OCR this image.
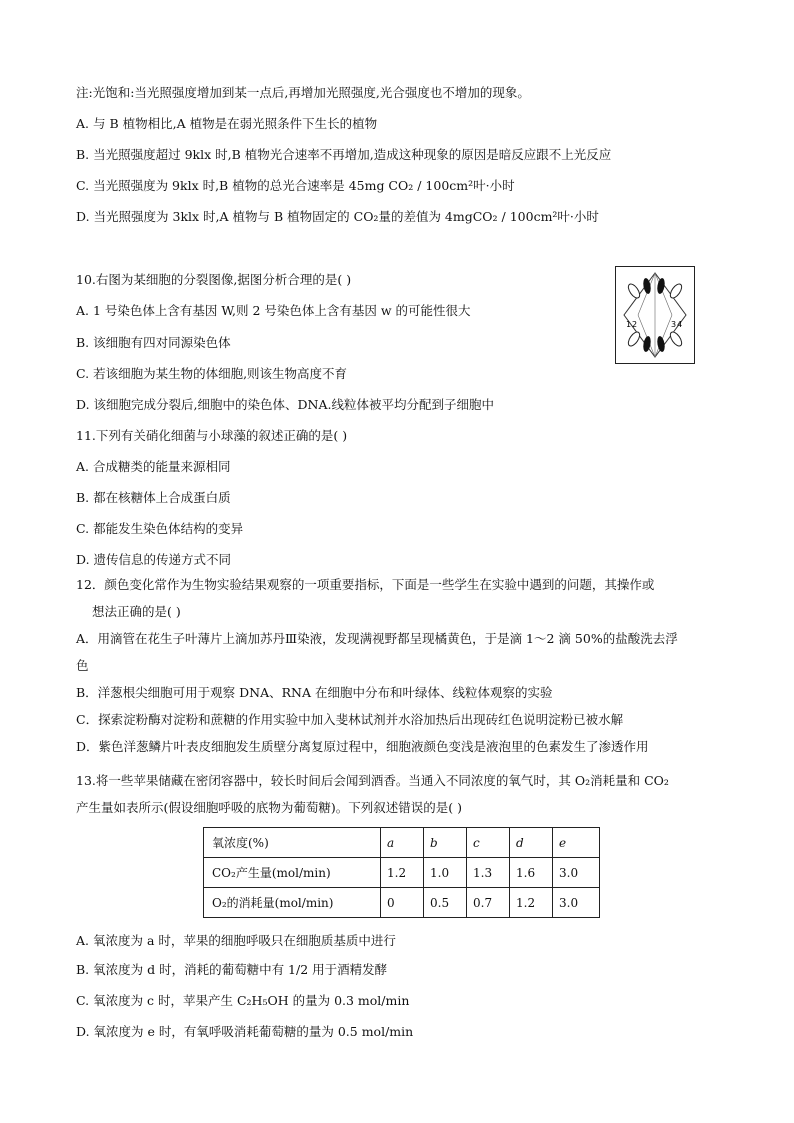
注:光饱和:当光照强度增加到某一点后,再增加光照强度,光合强度也不增加的现象。
A. 与 B 植物相比,A 植物是在弱光照条件下生长的植物
B. 当光照强度超过 9klx 时,B 植物光合速率不再增加,造成这种现象的原因是暗反应跟不上光反应
C. 当光照强度为 9klx 时,B 植物的总光合速率是 45mg CO₂ / 100cm²叶·小时
D. 当光照强度为 3klx 时,A 植物与 B 植物固定的 CO₂量的差值为 4mgCO₂ / 100cm²叶·小时
10.右图为某细胞的分裂图像,据图分析合理的是( )
A. 1 号染色体上含有基因 W,则 2 号染色体上含有基因 w 的可能性很大
B. 该细胞有四对同源染色体
C. 若该细胞为某生物的体细胞,则该生物高度不育
D. 该细胞完成分裂后,细胞中的染色体、DNA.线粒体被平均分配到子细胞中
1 2	3 4
11.下列有关硝化细菌与小球藻的叙述正确的是( )
A. 合成糖类的能量来源相同
B. 都在核糖体上合成蛋白质
C. 都能发生染色体结构的变异
D. 遗传信息的传递方式不同
12．颜色变化常作为生物实验结果观察的一项重要指标，下面是一些学生在实验中遇到的问题，其操作或
想法正确的是( )
A．用滴管在花生子叶薄片上滴加苏丹Ⅲ染液，发现满视野都呈现橘黄色，于是滴 1～2 滴 50%的盐酸洗去浮
色
B．洋葱根尖细胞可用于观察 DNA、RNA 在细胞中分布和叶绿体、线粒体观察的实验
C．探索淀粉酶对淀粉和蔗糖的作用实验中加入斐林试剂并水浴加热后出现砖红色说明淀粉已被水解
D．紫色洋葱鳞片叶表皮细胞发生质壁分离复原过程中，细胞液颜色变浅是液泡里的色素发生了渗透作用
13.将一些苹果储藏在密闭容器中，较长时间后会闻到酒香。当通入不同浓度的氧气时，其 O₂消耗量和 CO₂
产生量如表所示(假设细胞呼吸的底物为葡萄糖)。下列叙述错误的是( )
氧浓度(%)	a	b	c	d	e
CO₂产生量(mol/min)	1.2	1.0	1.3	1.6	3.0
O₂的消耗量(mol/min)	0	0.5	0.7	1.2	3.0
A. 氧浓度为 a 时，苹果的细胞呼吸只在细胞质基质中进行
B. 氧浓度为 d 时，消耗的葡萄糖中有 1/2 用于酒精发酵
C. 氧浓度为 c 时，苹果产生 C₂H₅OH 的量为 0.3 mol/min
D. 氧浓度为 e 时，有氧呼吸消耗葡萄糖的量为 0.5 mol/min
